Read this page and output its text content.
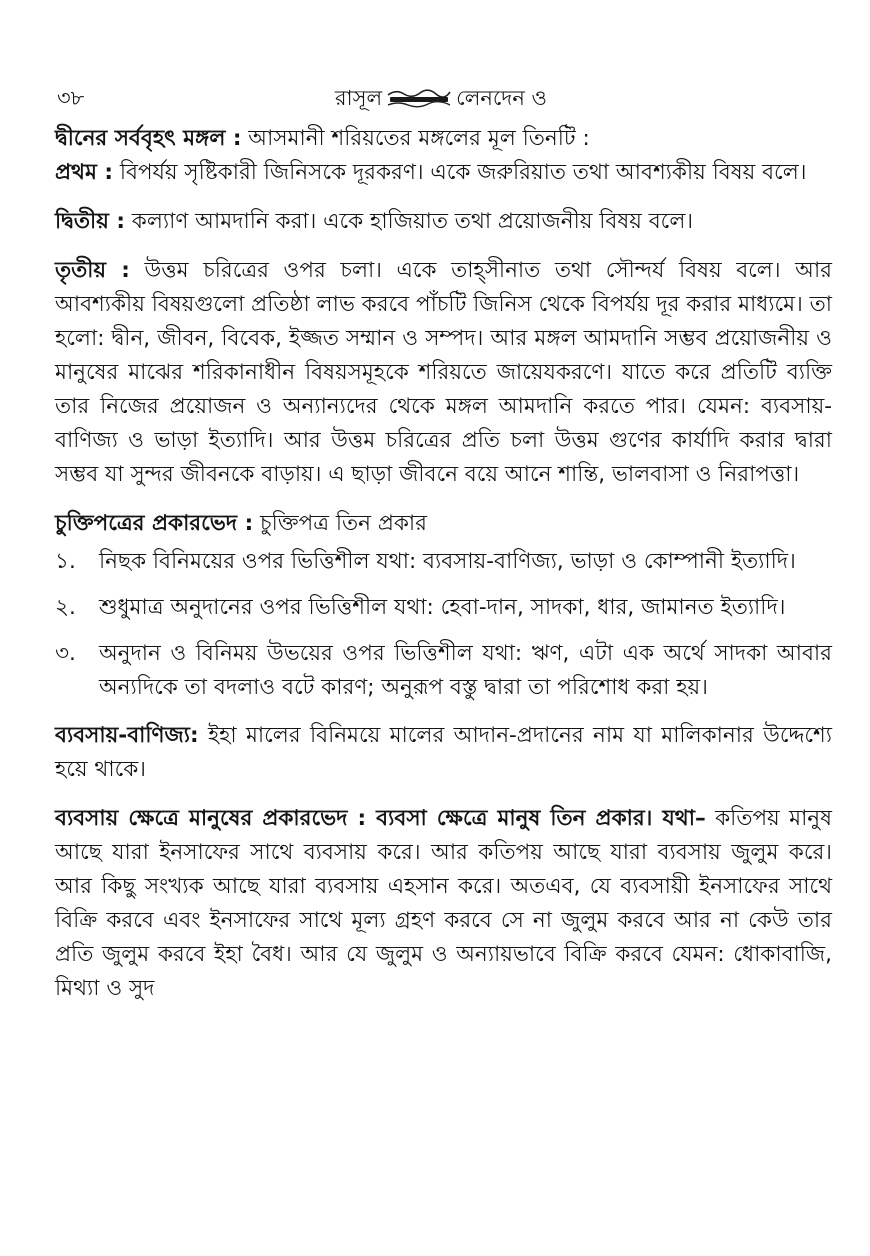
৩৮	রাসূল	লেনদেন ও

দ্বীনের সর্ববৃহৎ মঙ্গল : আসমানী শরিয়তের মঙ্গলের মূল তিনটি :

প্রথম : বিপর্যয় সৃষ্টিকারী জিনিসকে দূরকরণ। একে জরুরিয়াত তথা আবশ্যকীয় বিষয় বলে।

দ্বিতীয় : কল্যাণ আমদানি করা। একে হাজিয়াত তথা প্রয়োজনীয় বিষয় বলে।

তৃতীয় : উত্তম চরিত্রের ওপর চলা। একে তাহ্সীনাত তথা সৌন্দর্য বিষয় বলে। আর আবশ্যকীয় বিষয়গুলো প্রতিষ্ঠা লাভ করবে পাঁচটি জিনিস থেকে বিপর্যয় দূর করার মাধ্যমে। তা হলো: দ্বীন, জীবন, বিবেক, ইজ্জত সম্মান ও সম্পদ। আর মঙ্গল আমদানি সম্ভব প্রয়োজনীয় ও মানুষের মাঝের শরিকানাধীন বিষয়সমূহকে শরিয়তে জায়েযকরণে। যাতে করে প্রতিটি ব্যক্তি তার নিজের প্রয়োজন ও অন্যান্যদের থেকে মঙ্গল আমদানি করতে পার। যেমন: ব্যবসায়-বাণিজ্য ও ভাড়া ইত্যাদি। আর উত্তম চরিত্রের প্রতি চলা উত্তম গুণের কার্যাদি করার দ্বারা সম্ভব যা সুন্দর জীবনকে বাড়ায়। এ ছাড়া জীবনে বয়ে আনে শান্তি, ভালবাসা ও নিরাপত্তা।

চুক্তিপত্রের প্রকারভেদ : চুক্তিপত্র তিন প্রকার

১.	নিছক বিনিময়ের ওপর ভিত্তিশীল যথা: ব্যবসায়-বাণিজ্য, ভাড়া ও কোম্পানী ইত্যাদি।
২.	শুধুমাত্র অনুদানের ওপর ভিত্তিশীল যথা: হেবা-দান, সাদকা, ধার, জামানত ইত্যাদি।
৩.	অনুদান ও বিনিময় উভয়ের ওপর ভিত্তিশীল যথা: ঋণ, এটা এক অর্থে সাদকা আবার অন্যদিকে তা বদলাও বটে কারণ; অনুরূপ বস্তু দ্বারা তা পরিশোধ করা হয়।

ব্যবসায়-বাণিজ্য: ইহা মালের বিনিময়ে মালের আদান-প্রদানের নাম যা মালিকানার উদ্দেশ্যে হয়ে থাকে।

ব্যবসায় ক্ষেত্রে মানুষের প্রকারভেদ : ব্যবসা ক্ষেত্রে মানুষ তিন প্রকার। যথা– কতিপয় মানুষ আছে যারা ইনসাফের সাথে ব্যবসায় করে। আর কতিপয় আছে যারা ব্যবসায় জুলুম করে। আর কিছু সংখ্যক আছে যারা ব্যবসায় এহসান করে। অতএব, যে ব্যবসায়ী ইনসাফের সাথে বিক্রি করবে এবং ইনসাফের সাথে মূল্য গ্রহণ করবে সে না জুলুম করবে আর না কেউ তার প্রতি জুলুম করবে ইহা বৈধ। আর যে জুলুম ও অন্যায়ভাবে বিক্রি করবে যেমন: ধোকাবাজি, মিথ্যা ও সুদ
